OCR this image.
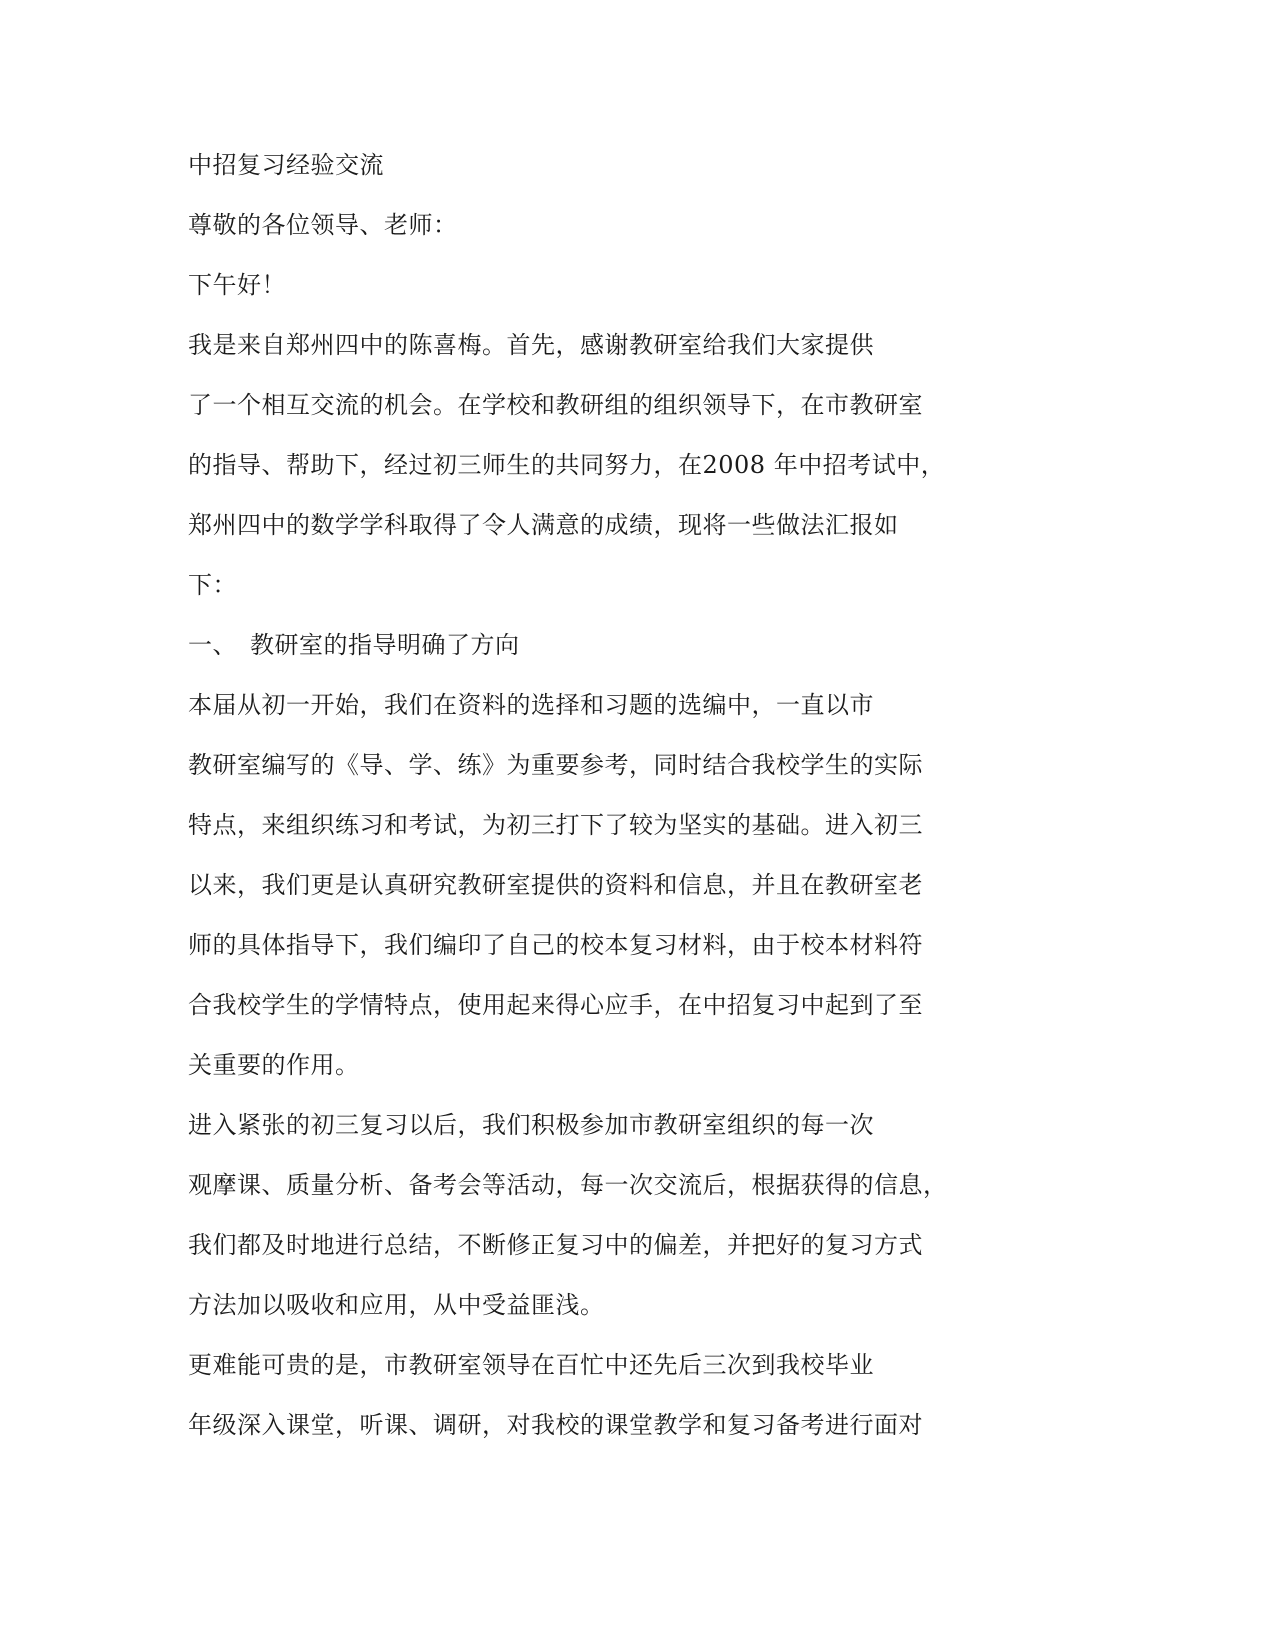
中招复习经验交流
尊敬的各位领导、老师：
下午好！
我是来自郑州四中的陈喜梅。首先，感谢教研室给我们大家提供
了一个相互交流的机会。在学校和教研组的组织领导下，在市教研室
的指导、帮助下，经过初三师生的共同努力，在2008 年中招考试中，
郑州四中的数学学科取得了令人满意的成绩，现将一些做法汇报如
下：
一、 教研室的指导明确了方向
本届从初一开始，我们在资料的选择和习题的选编中，一直以市
教研室编写的《导、学、练》为重要参考，同时结合我校学生的实际
特点，来组织练习和考试，为初三打下了较为坚实的基础。进入初三
以来，我们更是认真研究教研室提供的资料和信息，并且在教研室老
师的具体指导下，我们编印了自己的校本复习材料，由于校本材料符
合我校学生的学情特点，使用起来得心应手，在中招复习中起到了至
关重要的作用。
进入紧张的初三复习以后，我们积极参加市教研室组织的每一次
观摩课、质量分析、备考会等活动，每一次交流后，根据获得的信息，
我们都及时地进行总结，不断修正复习中的偏差，并把好的复习方式
方法加以吸收和应用，从中受益匪浅。
更难能可贵的是，市教研室领导在百忙中还先后三次到我校毕业
年级深入课堂，听课、调研，对我校的课堂教学和复习备考进行面对
